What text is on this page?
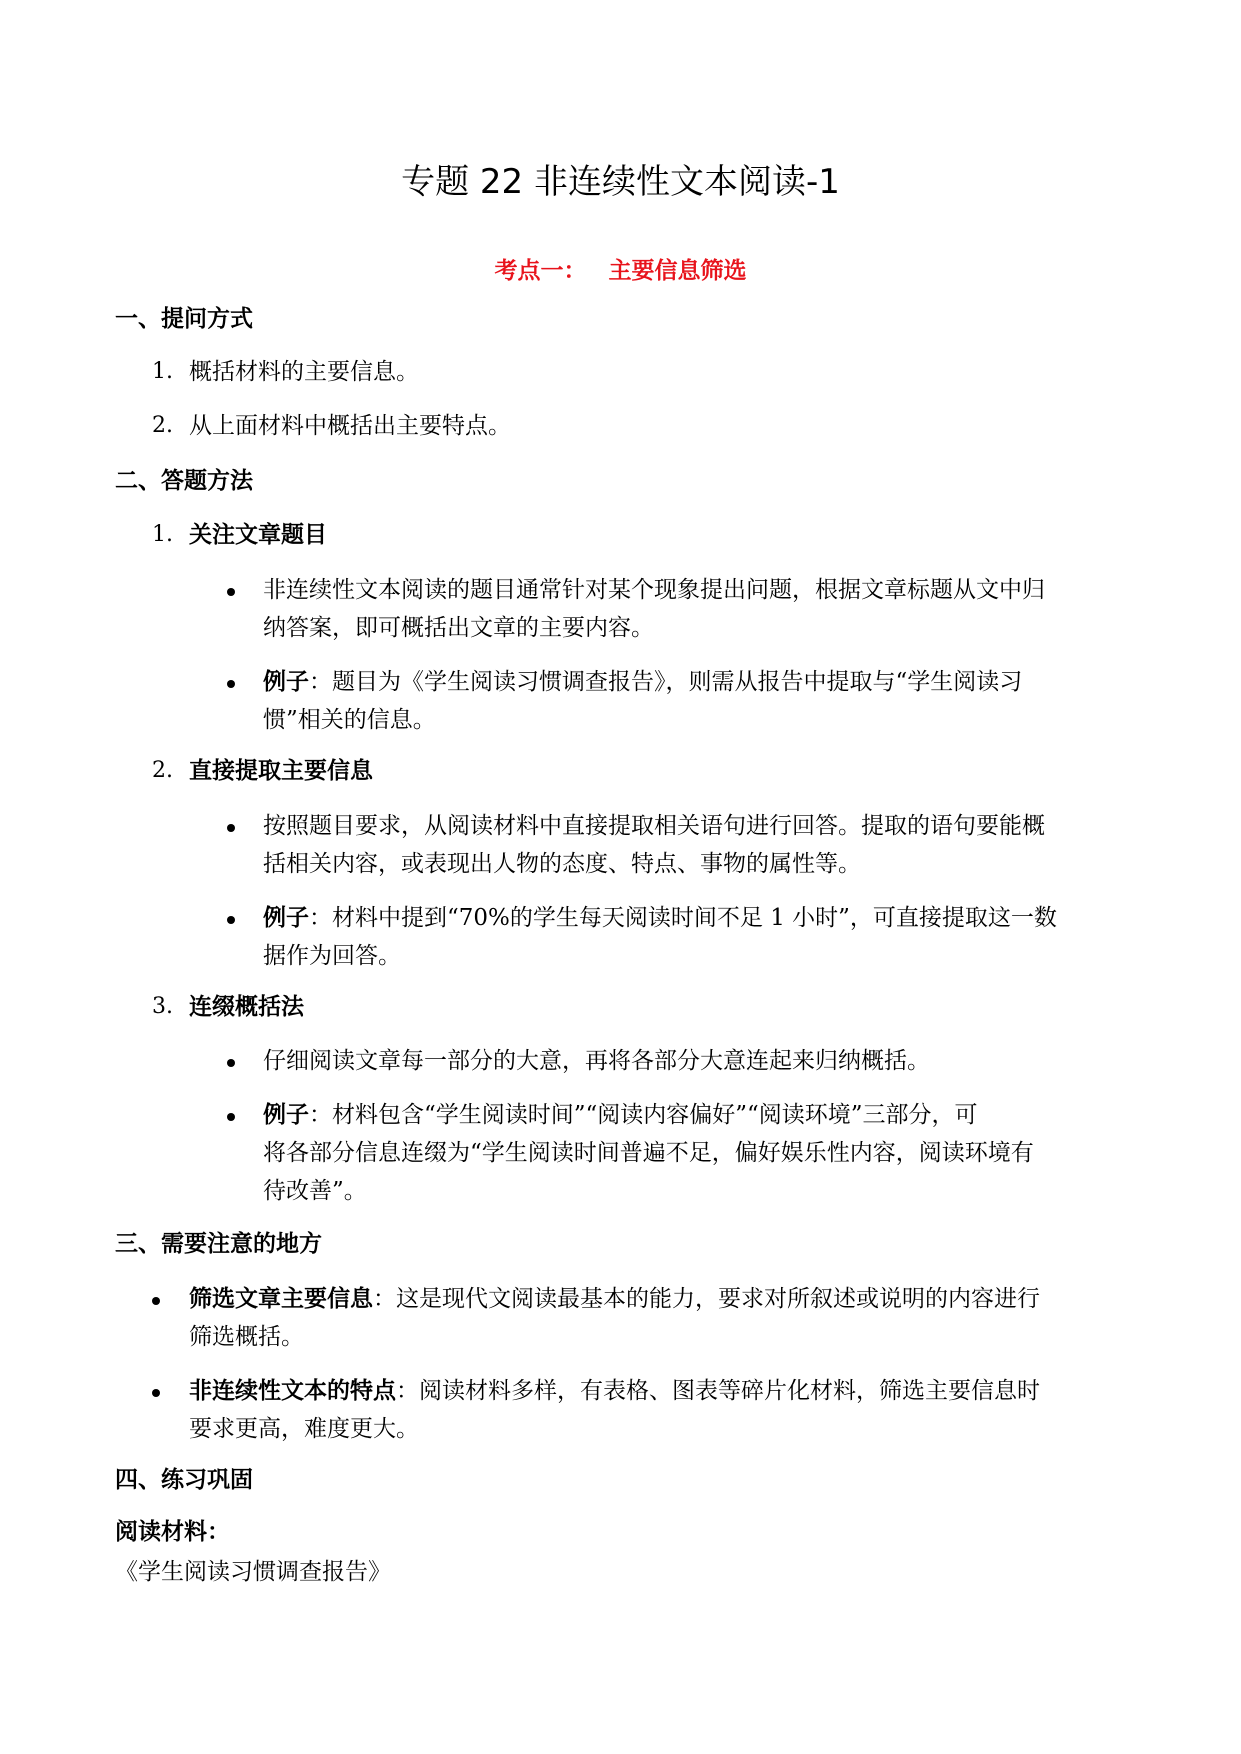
专题 22 非连续性文本阅读-1
考点一： 主要信息筛选
一、提问方式
1. 概括材料的主要信息。
2. 从上面材料中概括出主要特点。
二、答题方法
1. 关注文章题目
非连续性文本阅读的题目通常针对某个现象提出问题，根据文章标题从文中归
纳答案，即可概括出文章的主要内容。
例子：题目为《学生阅读习惯调查报告》，则需从报告中提取与“学生阅读习
惯”相关的信息。
2. 直接提取主要信息
按照题目要求，从阅读材料中直接提取相关语句进行回答。提取的语句要能概
括相关内容，或表现出人物的态度、特点、事物的属性等。
例子：材料中提到“70%的学生每天阅读时间不足 1 小时”，可直接提取这一数
据作为回答。
3. 连缀概括法
仔细阅读文章每一部分的大意，再将各部分大意连起来归纳概括。
例子：材料包含“学生阅读时间”“阅读内容偏好”“阅读环境”三部分，可
将各部分信息连缀为“学生阅读时间普遍不足，偏好娱乐性内容，阅读环境有
待改善”。
三、需要注意的地方
筛选文章主要信息：这是现代文阅读最基本的能力，要求对所叙述或说明的内容进行
筛选概括。
非连续性文本的特点：阅读材料多样，有表格、图表等碎片化材料，筛选主要信息时
要求更高，难度更大。
四、练习巩固
阅读材料：
《学生阅读习惯调查报告》
